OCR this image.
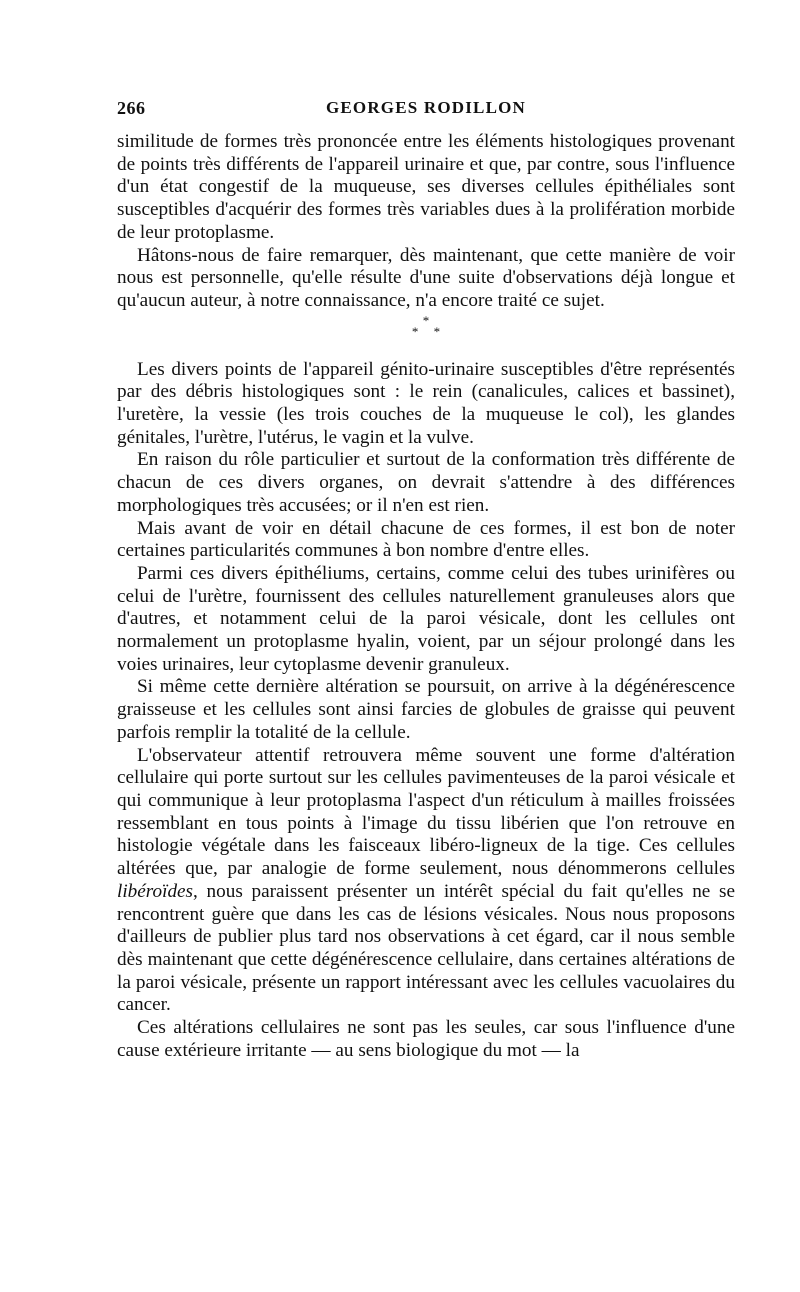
266	GEORGES RODILLON

similitude de formes très prononcée entre les éléments histologiques provenant de points très différents de l'appareil urinaire et que, par contre, sous l'influence d'un état congestif de la muqueuse, ses diverses cellules épithéliales sont susceptibles d'acquérir des formes très variables dues à la prolifération morbide de leur protoplasme.

Hâtons-nous de faire remarquer, dès maintenant, que cette manière de voir nous est personnelle, qu'elle résulte d'une suite d'observations déjà longue et qu'aucun auteur, à notre connaissance, n'a encore traité ce sujet.

*
* *

Les divers points de l'appareil génito-urinaire susceptibles d'être représentés par des débris histologiques sont : le rein (canalicules, calices et bassinet), l'uretère, la vessie (les trois couches de la muqueuse le col), les glandes génitales, l'urètre, l'utérus, le vagin et la vulve.

En raison du rôle particulier et surtout de la conformation très différente de chacun de ces divers organes, on devrait s'attendre à des différences morphologiques très accusées; or il n'en est rien.

Mais avant de voir en détail chacune de ces formes, il est bon de noter certaines particularités communes à bon nombre d'entre elles.

Parmi ces divers épithéliums, certains, comme celui des tubes urinifères ou celui de l'urètre, fournissent des cellules naturellement granuleuses alors que d'autres, et notamment celui de la paroi vésicale, dont les cellules ont normalement un protoplasme hyalin, voient, par un séjour prolongé dans les voies urinaires, leur cytoplasme devenir granuleux.

Si même cette dernière altération se poursuit, on arrive à la dégénérescence graisseuse et les cellules sont ainsi farcies de globules de graisse qui peuvent parfois remplir la totalité de la cellule.

L'observateur attentif retrouvera même souvent une forme d'altération cellulaire qui porte surtout sur les cellules pavimenteuses de la paroi vésicale et qui communique à leur protoplasma l'aspect d'un réticulum à mailles froissées ressemblant en tous points à l'image du tissu libérien que l'on retrouve en histologie végétale dans les faisceaux libéro-ligneux de la tige. Ces cellules altérées que, par analogie de forme seulement, nous dénommerons cellules libéroïdes, nous paraissent présenter un intérêt spécial du fait qu'elles ne se rencontrent guère que dans les cas de lésions vésicales. Nous nous proposons d'ailleurs de publier plus tard nos observations à cet égard, car il nous semble dès maintenant que cette dégénérescence cellulaire, dans certaines altérations de la paroi vésicale, présente un rapport intéressant avec les cellules vacuolaires du cancer.

Ces altérations cellulaires ne sont pas les seules, car sous l'influence d'une cause extérieure irritante — au sens biologique du mot — la
